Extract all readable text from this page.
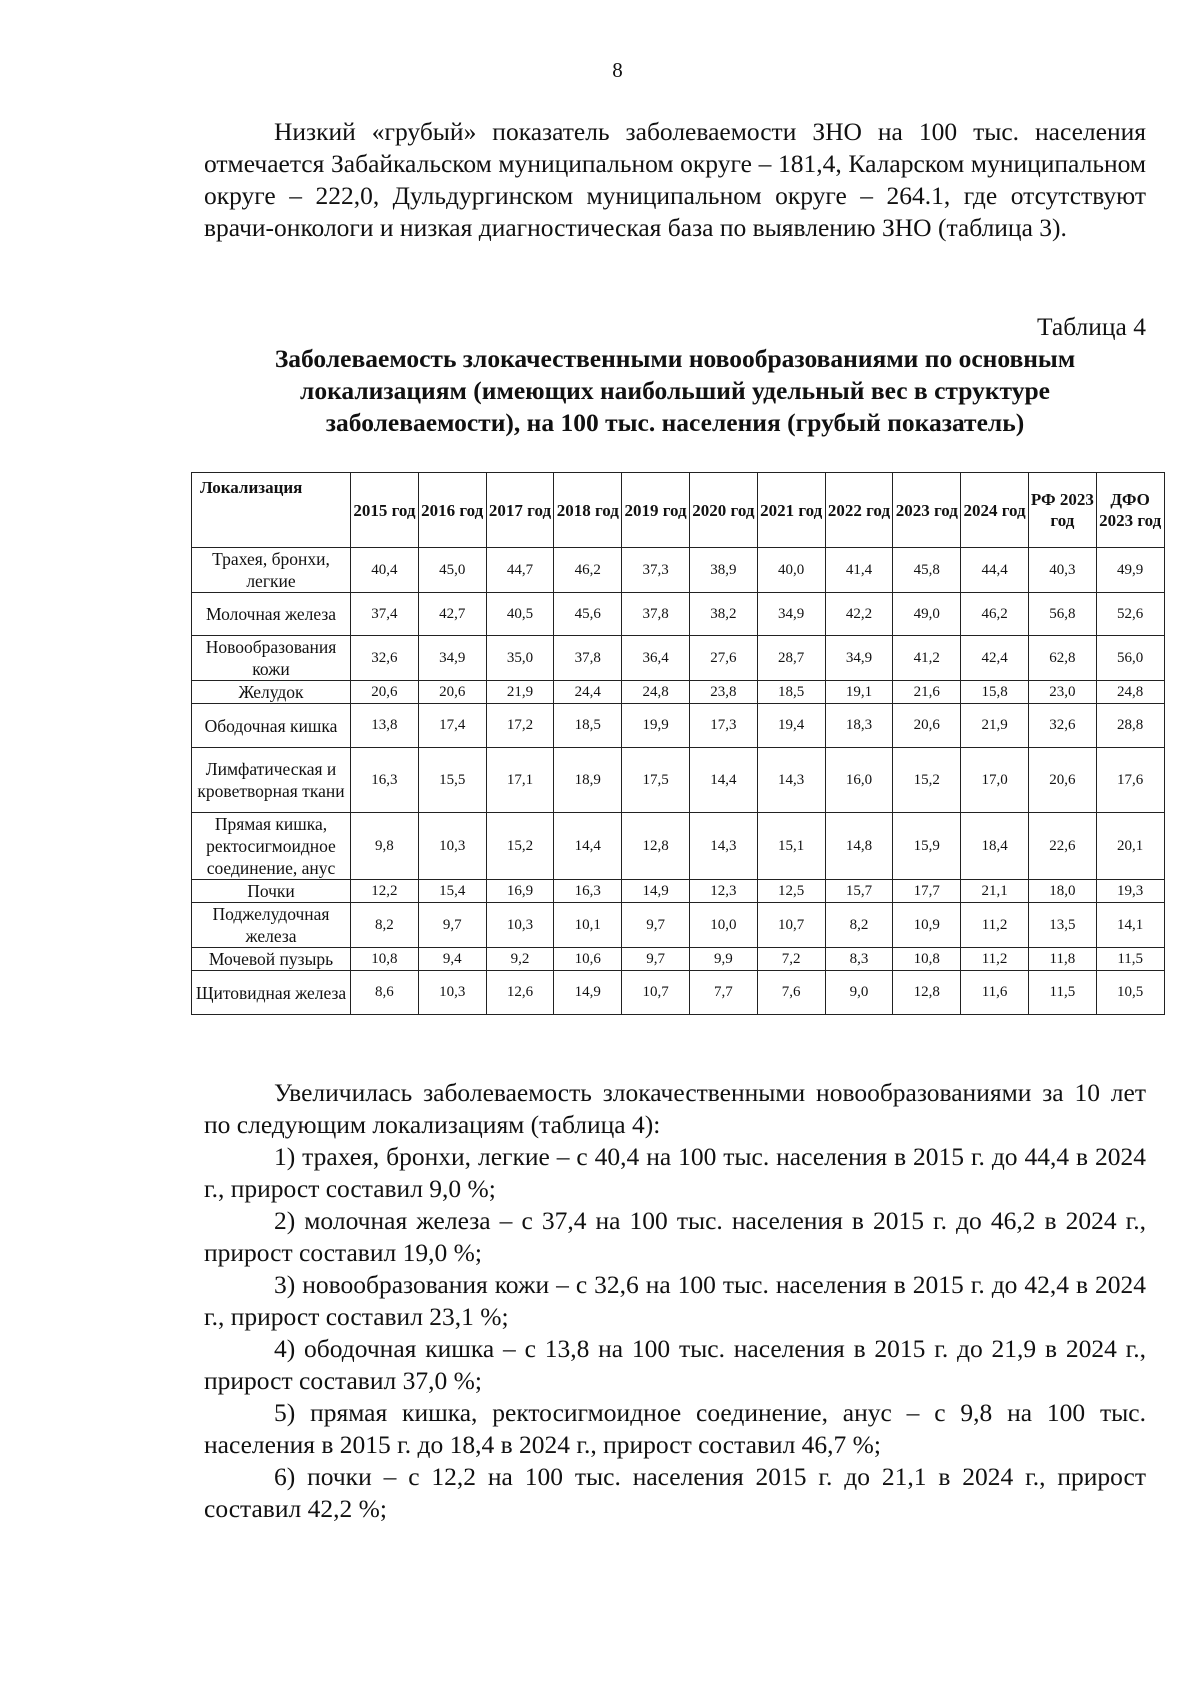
8

Низкий «грубый» показатель заболеваемости ЗНО на 100 тыс. населения отмечается Забайкальском муниципальном округе – 181,4, Каларском муниципальном округе – 222,0, Дульдургинском муниципальном округе – 264.1, где отсутствуют врачи-онкологи и низкая диагностическая база по выявлению ЗНО (таблица 3).

Таблица 4

Заболеваемость злокачественными новообразованиями по основным локализациям (имеющих наибольший удельный вес в структуре заболеваемости), на 100 тыс. населения (грубый показатель)

Локализация	2015 год	2016 год	2017 год	2018 год	2019 год	2020 год	2021 год	2022 год	2023 год	2024 год	РФ 2023 год	ДФО 2023 год
Трахея, бронхи, легкие	40,4	45,0	44,7	46,2	37,3	38,9	40,0	41,4	45,8	44,4	40,3	49,9
Молочная железа	37,4	42,7	40,5	45,6	37,8	38,2	34,9	42,2	49,0	46,2	56,8	52,6
Новообразования кожи	32,6	34,9	35,0	37,8	36,4	27,6	28,7	34,9	41,2	42,4	62,8	56,0
Желудок	20,6	20,6	21,9	24,4	24,8	23,8	18,5	19,1	21,6	15,8	23,0	24,8
Ободочная кишка	13,8	17,4	17,2	18,5	19,9	17,3	19,4	18,3	20,6	21,9	32,6	28,8
Лимфатическая и кроветворная ткани	16,3	15,5	17,1	18,9	17,5	14,4	14,3	16,0	15,2	17,0	20,6	17,6
Прямая кишка, ректосигмоидное соединение, анус	9,8	10,3	15,2	14,4	12,8	14,3	15,1	14,8	15,9	18,4	22,6	20,1
Почки	12,2	15,4	16,9	16,3	14,9	12,3	12,5	15,7	17,7	21,1	18,0	19,3
Поджелудочная железа	8,2	9,7	10,3	10,1	9,7	10,0	10,7	8,2	10,9	11,2	13,5	14,1
Мочевой пузырь	10,8	9,4	9,2	10,6	9,7	9,9	7,2	8,3	10,8	11,2	11,8	11,5
Щитовидная железа	8,6	10,3	12,6	14,9	10,7	7,7	7,6	9,0	12,8	11,6	11,5	10,5

Увеличилась заболеваемость злокачественными новообразованиями за 10 лет по следующим локализациям (таблица 4):

1) трахея, бронхи, легкие – с 40,4 на 100 тыс. населения в 2015 г. до 44,4 в 2024 г., прирост составил 9,0 %;

2) молочная железа – с 37,4 на 100 тыс. населения в 2015 г. до 46,2 в 2024 г., прирост составил 19,0 %;

3) новообразования кожи – с 32,6 на 100 тыс. населения в 2015 г. до 42,4 в 2024 г., прирост составил 23,1 %;

4) ободочная кишка – с 13,8 на 100 тыс. населения в 2015 г. до 21,9 в 2024 г., прирост составил 37,0 %;

5) прямая кишка, ректосигмоидное соединение, анус – с 9,8 на 100 тыс. населения в 2015 г. до 18,4 в 2024 г., прирост составил 46,7 %;

6) почки – с 12,2 на 100 тыс. населения 2015 г. до 21,1 в 2024 г., прирост составил 42,2 %;
